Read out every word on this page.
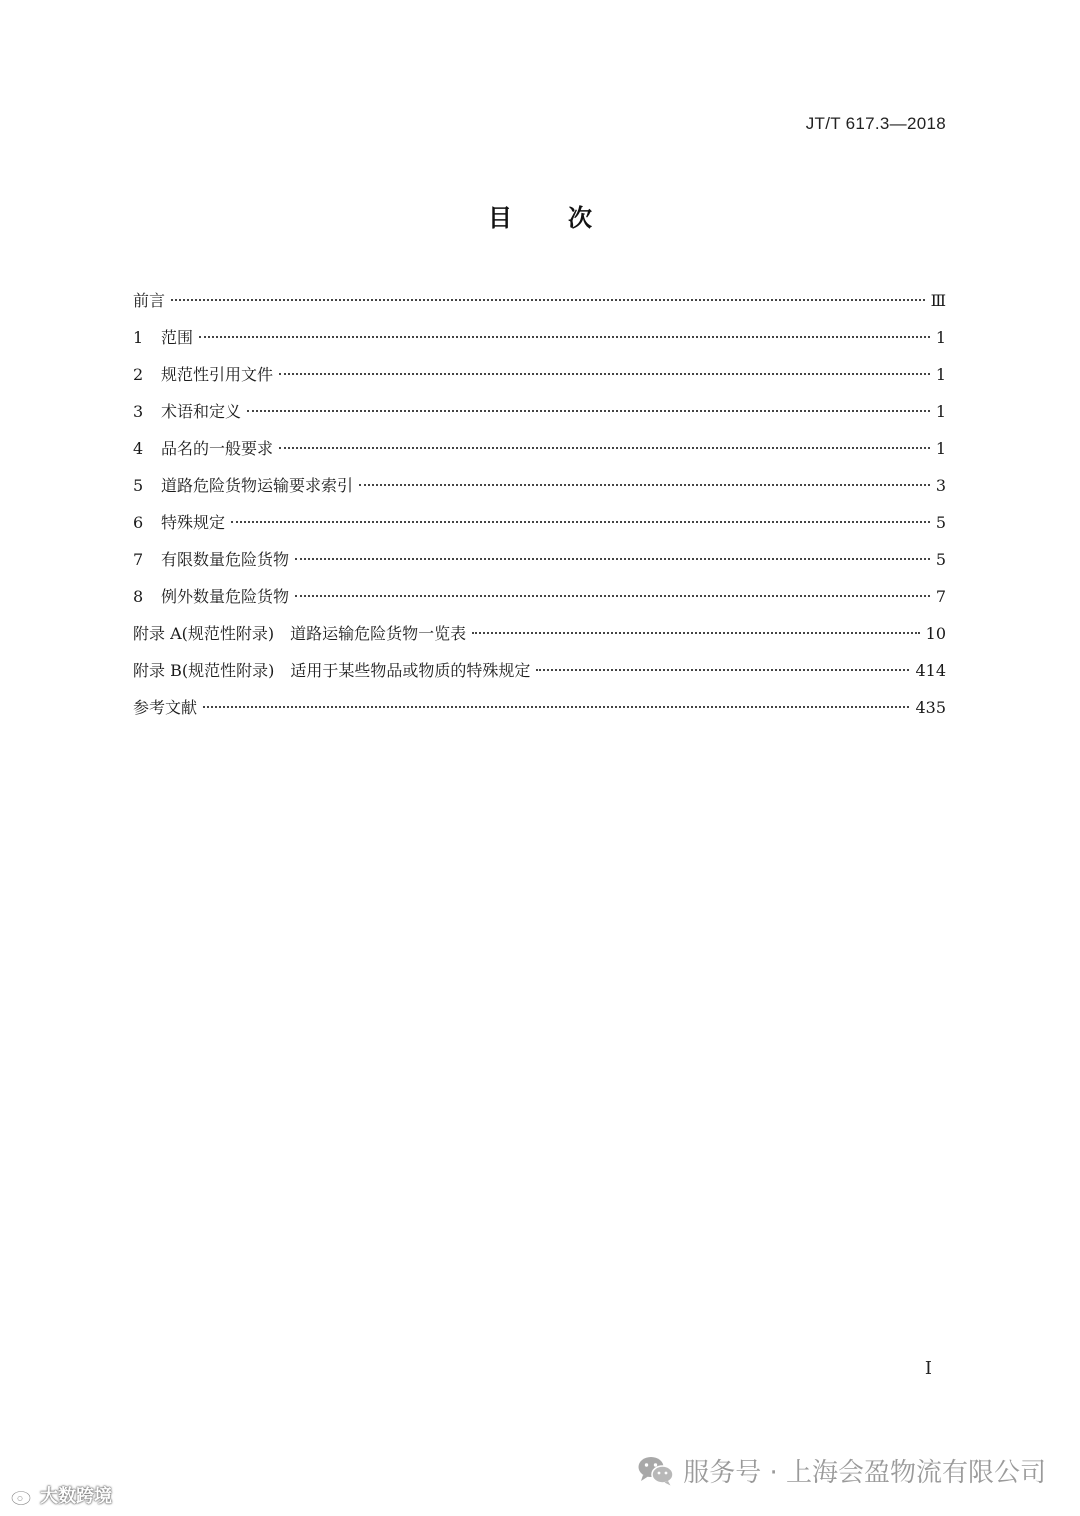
JT/T 617.3—2018
目 次
前言	Ⅲ
1	范围	1
2	规范性引用文件	1
3	术语和定义	1
4	品名的一般要求	1
5	道路危险货物运输要求索引	3
6	特殊规定	5
7	有限数量危险货物	5
8	例外数量危险货物	7
附录 A(规范性附录)　道路运输危险货物一览表	10
附录 B(规范性附录)　适用于某些物品或物质的特殊规定	414
参考文献	435
I
大数跨境
服务号 · 上海会盈物流有限公司
